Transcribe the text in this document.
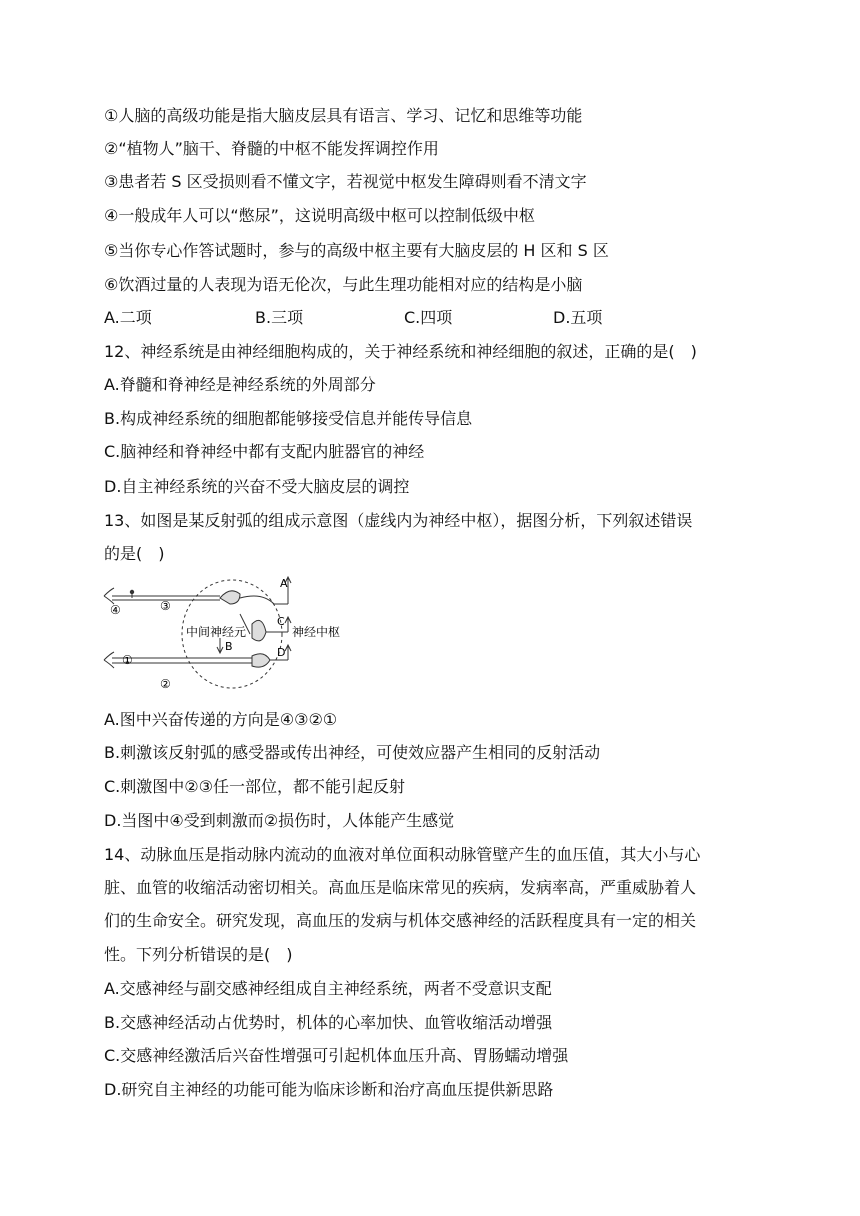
①人脑的高级功能是指大脑皮层具有语言、学习、记忆和思维等功能
②“植物人”脑干、脊髓的中枢不能发挥调控作用
③患者若 S 区受损则看不懂文字，若视觉中枢发生障碍则看不清文字
④一般成年人可以“憋尿”，这说明高级中枢可以控制低级中枢
⑤当你专心作答试题时，参与的高级中枢主要有大脑皮层的 H 区和 S 区
⑥饮酒过量的人表现为语无伦次，与此生理功能相对应的结构是小脑
A.二项	B.三项	C.四项	D.五项
12、神经系统是由神经细胞构成的，关于神经系统和神经细胞的叙述，正确的是(　)
A.脊髓和脊神经是神经系统的外周部分
B.构成神经系统的细胞都能够接受信息并能传导信息
C.脑神经和脊神经中都有支配内脏器官的神经
D.自主神经系统的兴奋不受大脑皮层的调控
13、如图是某反射弧的组成示意图（虚线内为神经中枢），据图分析，下列叙述错误
的是(　)
④	③
①
②
A
B
C
D
中间神经元	神经中枢
A.图中兴奋传递的方向是④③②①
B.刺激该反射弧的感受器或传出神经，可使效应器产生相同的反射活动
C.刺激图中②③任一部位，都不能引起反射
D.当图中④受到刺激而②损伤时，人体能产生感觉
14、动脉血压是指动脉内流动的血液对单位面积动脉管壁产生的血压值，其大小与心
脏、血管的收缩活动密切相关。高血压是临床常见的疾病，发病率高，严重威胁着人
们的生命安全。研究发现，高血压的发病与机体交感神经的活跃程度具有一定的相关
性。下列分析错误的是(　)
A.交感神经与副交感神经组成自主神经系统，两者不受意识支配
B.交感神经活动占优势时，机体的心率加快、血管收缩活动增强
C.交感神经激活后兴奋性增强可引起机体血压升高、胃肠蠕动增强
D.研究自主神经的功能可能为临床诊断和治疗高血压提供新思路
